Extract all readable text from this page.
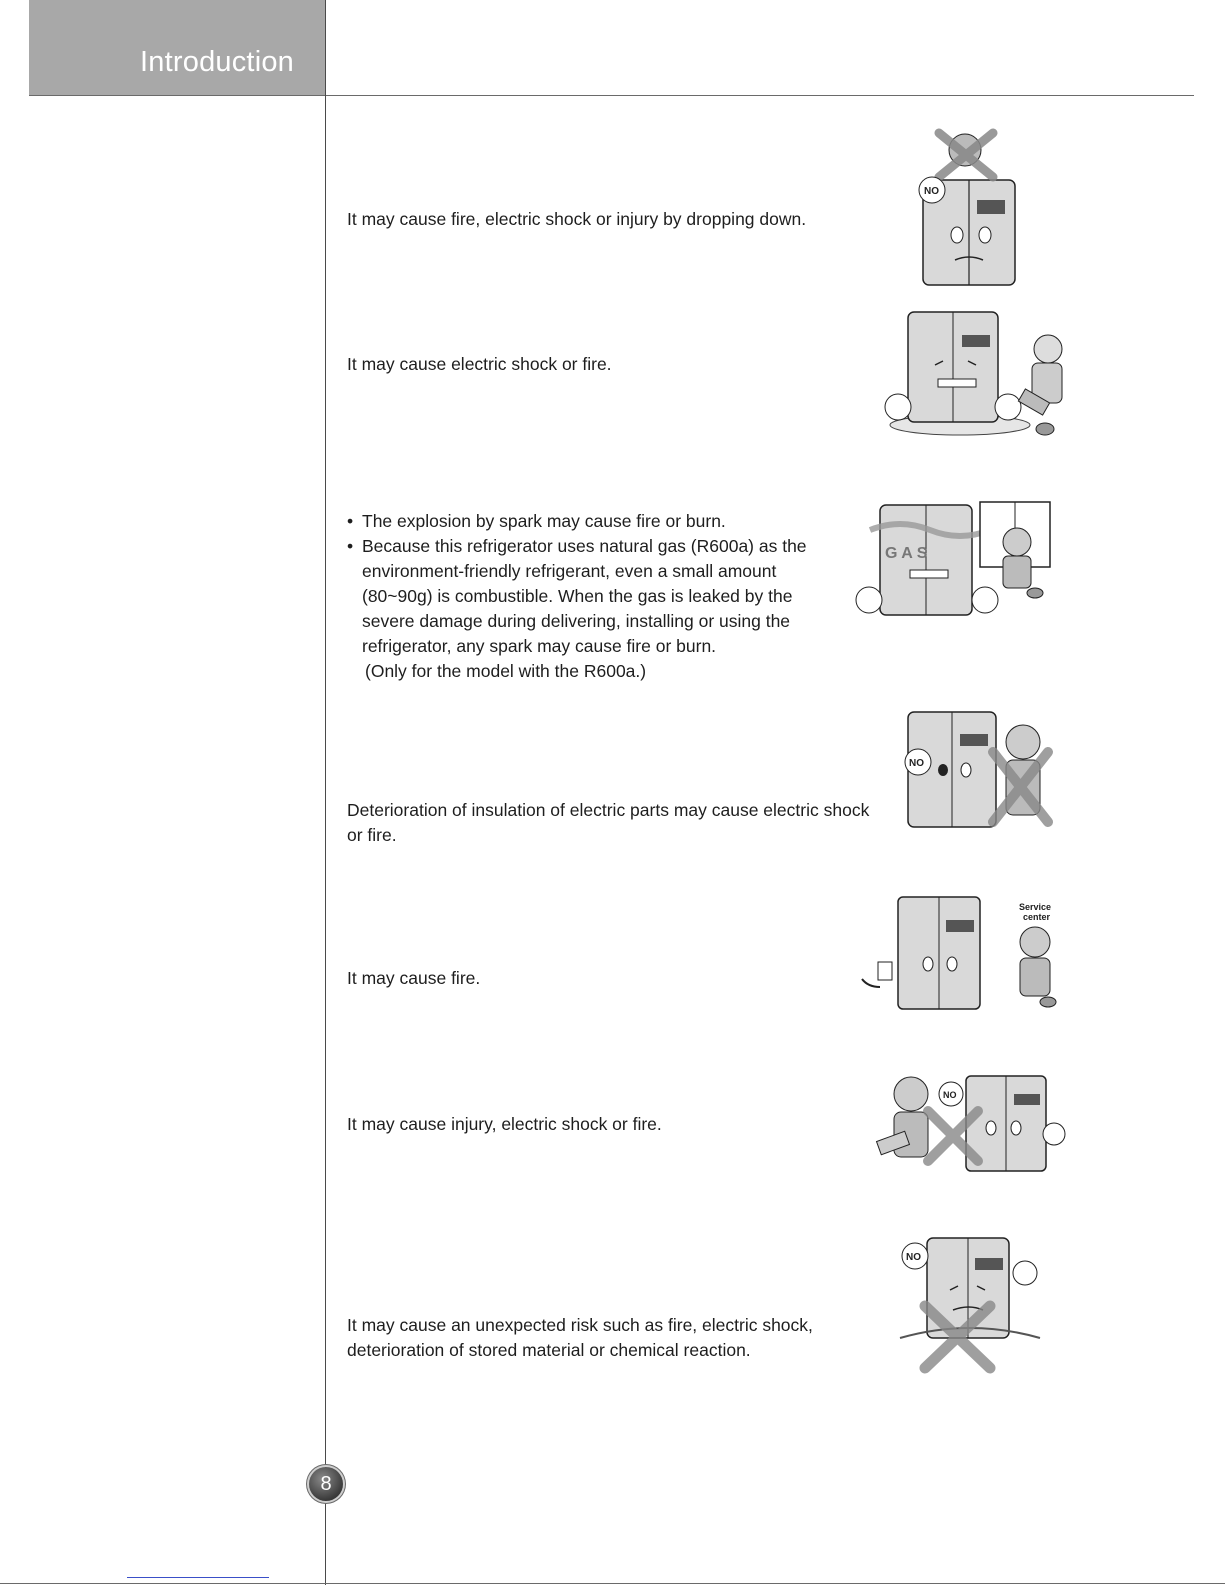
Introduction

It may cause fire, electric shock or injury by dropping down.

NO

It may cause electric shock or fire.

• The explosion by spark may cause fire or burn.
• Because this refrigerator uses natural gas (R600a) as the environment-friendly refrigerant, even a small amount (80~90g) is combustible. When the gas is leaked by the severe damage during delivering, installing or using the refrigerator, any spark may cause fire or burn.

(Only for the model with the R600a.)

G A S

Deterioration of insulation of electric parts may cause electric shock or fire.

NO

It may cause fire.

Service
center

It may cause injury, electric shock or fire.

NO

It may cause an unexpected risk such as fire, electric shock, deterioration of stored material or chemical reaction.

NO
8
